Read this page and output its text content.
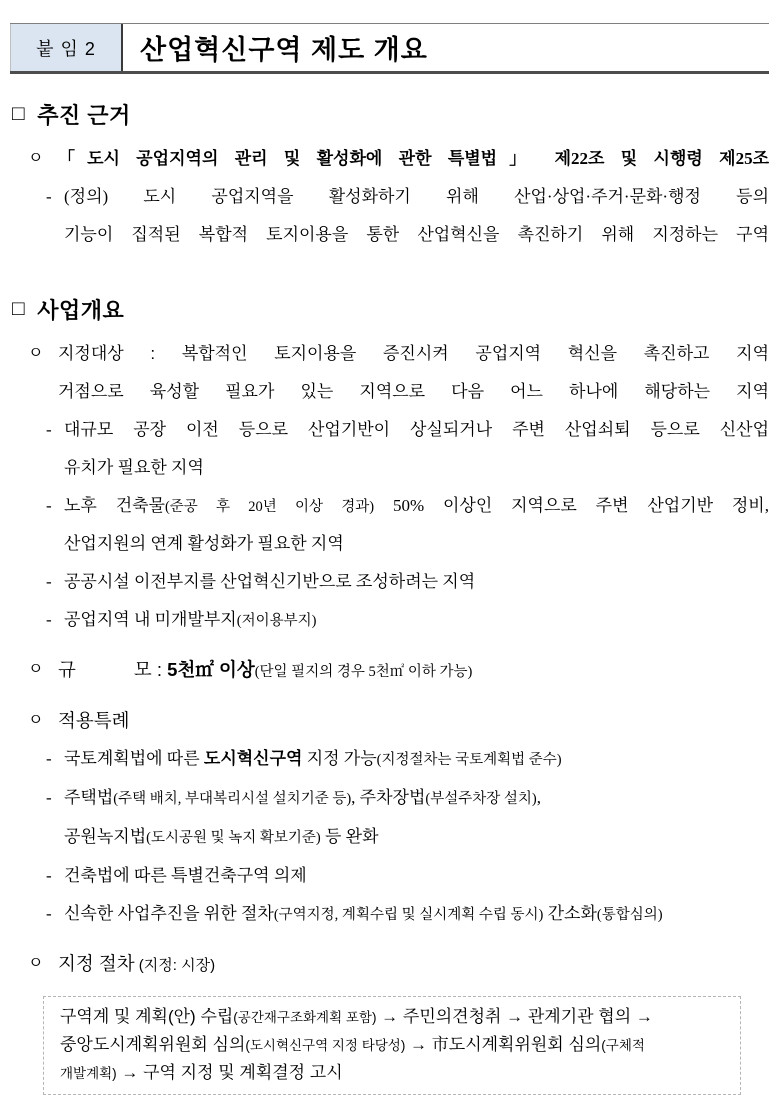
붙 임 2	산업혁신구역 제도 개요
□ 추진 근거
ㅇ 「도시 공업지역의 관리 및 활성화에 관한 특별법」 제22조 및 시행령 제25조
- (정의) 도시 공업지역을 활성화하기 위해 산업·상업·주거·문화·행정 등의
기능이 집적된 복합적 토지이용을 통한 산업혁신을 촉진하기 위해 지정하는 구역
□ 사업개요
ㅇ 지정대상 : 복합적인 토지이용을 증진시켜 공업지역 혁신을 촉진하고 지역
거점으로 육성할 필요가 있는 지역으로 다음 어느 하나에 해당하는 지역
- 대규모 공장 이전 등으로 산업기반이 상실되거나 주변 산업쇠퇴 등으로 신산업
유치가 필요한 지역
- 노후 건축물(준공 후 20년 이상 경과) 50% 이상인 지역으로 주변 산업기반 정비,
산업지원의 연계 활성화가 필요한 지역
- 공공시설 이전부지를 산업혁신기반으로 조성하려는 지역
- 공업지역 내 미개발부지(저이용부지)
ㅇ 규	모 : 5천㎡ 이상(단일 필지의 경우 5천㎡ 이하 가능)
ㅇ 적용특례
- 국토계획법에 따른 도시혁신구역 지정 가능(지정절차는 국토계획법 준수)
- 주택법(주택 배치, 부대복리시설 설치기준 등), 주차장법(부설주차장 설치),
공원녹지법(도시공원 및 녹지 확보기준) 등 완화
- 건축법에 따른 특별건축구역 의제
- 신속한 사업추진을 위한 절차(구역지정, 계획수립 및 실시계획 수립 동시) 간소화(통합심의)
ㅇ 지정 절차 (지정: 시장)
구역계 및 계획(안) 수립(공간재구조화계획 포함) → 주민의견청취 → 관계기관 협의 →
중앙도시계획위원회 심의(도시혁신구역 지정 타당성) → 市도시계획위원회 심의(구체적
개발계획) → 구역 지정 및 계획결정 고시
